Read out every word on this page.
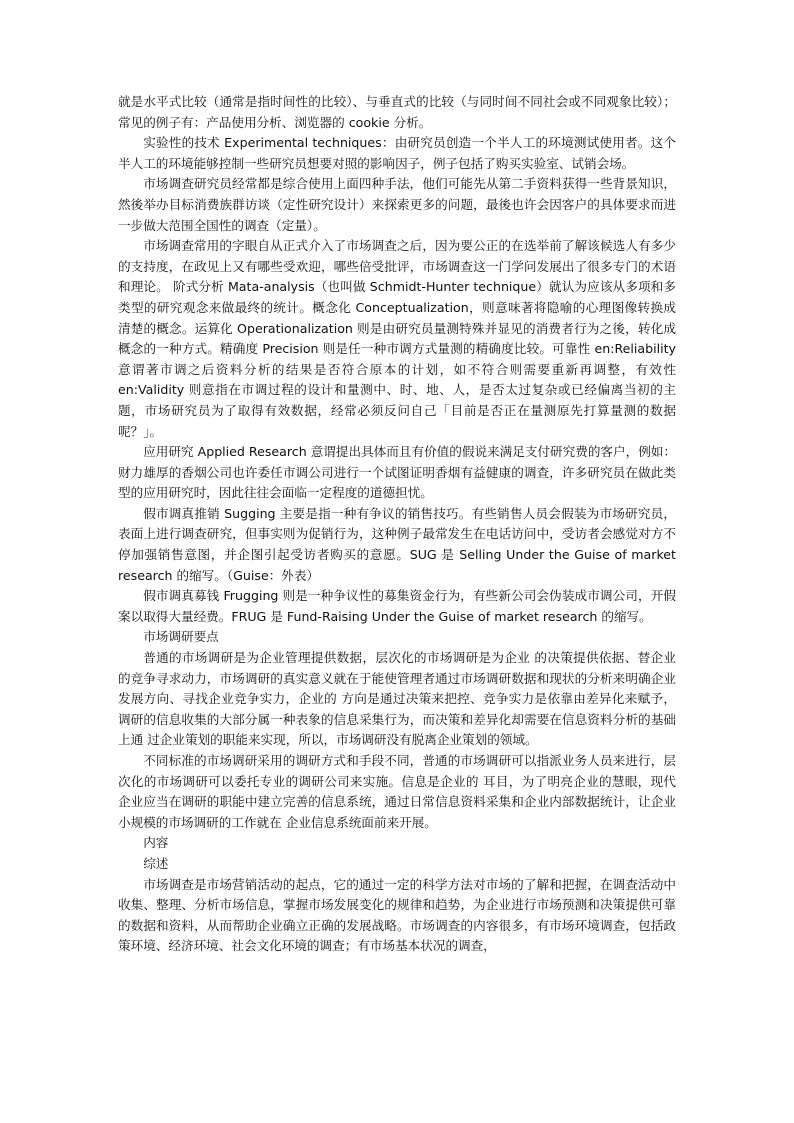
就是水平式比较（通常是指时间性的比较）、与垂直式的比较（与同时间不同社会或不同观象比较）；常见的例子有：产品使用分析、浏览器的 cookie 分析。

实验性的技术 Experimental techniques：由研究员创造一个半人工的环境测试使用者。这个半人工的环境能够控制一些研究员想要对照的影响因子，例子包括了购买实验室、试销会场。

市场调查研究员经常都是综合使用上面四种手法，他们可能先从第二手资料获得一些背景知识，然後举办目标消费族群访谈（定性研究设计）来探索更多的问题，最後也许会因客户的具体要求而进一步做大范围全国性的调查（定量）。

市场调查常用的字眼自从正式介入了市场调查之后，因为要公正的在选举前了解该候选人有多少的支持度，在政见上又有哪些受欢迎，哪些倍受批评，市场调查这一门学问发展出了很多专门的术语和理论。 阶式分析 Mata-analysis（也叫做 Schmidt-Hunter technique）就认为应该从多项和多类型的研究观念来做最终的统计。概念化 Conceptualization，则意味著将隐喻的心理图像转换成清楚的概念。运算化 Operationalization 则是由研究员量测特殊并显见的消费者行为之後，转化成概念的一种方式。精确度 Precision 则是任一种市调方式量测的精确度比较。可靠性 en:Reliability 意谓著市调之后资料分析的结果是否符合原本的计划，如不符合则需要重新再调整，有效性 en:Validity 则意指在市调过程的设计和量测中、时、地、人，是否太过复杂或已经偏离当初的主题，市场研究员为了取得有效数据，经常必须反问自己「目前是否正在量测原先打算量测的数据呢？」。

应用研究 Applied Research 意谓提出具体而且有价值的假说来满足支付研究费的客户，例如：财力雄厚的香烟公司也许委任市调公司进行一个试图证明香烟有益健康的调查，许多研究员在做此类型的应用研究时，因此往往会面临一定程度的道德担忧。

假市调真推销 Sugging 主要是指一种有争议的销售技巧。有些销售人员会假装为市场研究员，表面上进行调查研究，但事实则为促销行为，这种例子最常发生在电话访问中，受访者会感觉对方不停加强销售意图，并企图引起受访者购买的意愿。SUG 是 Selling Under the Guise of market research 的缩写。（Guise：外表）

假市调真募钱 Frugging 则是一种争议性的募集资金行为，有些新公司会伪装成市调公司，开假案以取得大量经费。FRUG 是 Fund-Raising Under the Guise of market research 的缩写。

市场调研要点

普通的市场调研是为企业管理提供数据，层次化的市场调研是为企业 的决策提供依据、替企业的竞争寻求动力，市场调研的真实意义就在于能使管理者通过市场调研数据和现状的分析来明确企业发展方向、寻找企业竞争实力，企业的 方向是通过决策来把控、竞争实力是依靠由差异化来赋予，调研的信息收集的大部分属一种表象的信息采集行为，而决策和差异化却需要在信息资料分析的基础上通 过企业策划的职能来实现，所以，市场调研没有脱离企业策划的领域。

不同标准的市场调研采用的调研方式和手段不同，普通的市场调研可以指派业务人员来进行，层次化的市场调研可以委托专业的调研公司来实施。信息是企业的 耳目，为了明亮企业的慧眼，现代企业应当在调研的职能中建立完善的信息系统，通过日常信息资料采集和企业内部数据统计，让企业小规模的市场调研的工作就在 企业信息系统面前来开展。

内容

综述

市场调查是市场营销活动的起点，它的通过一定的科学方法对市场的了解和把握，在调查活动中收集、整理、分析市场信息，掌握市场发展变化的规律和趋势，为企业进行市场预测和决策提供可靠的数据和资料，从而帮助企业确立正确的发展战略。市场调查的内容很多，有市场环境调查，包括政策环境、经济环境、社会文化环境的调查；有市场基本状况的调查，
